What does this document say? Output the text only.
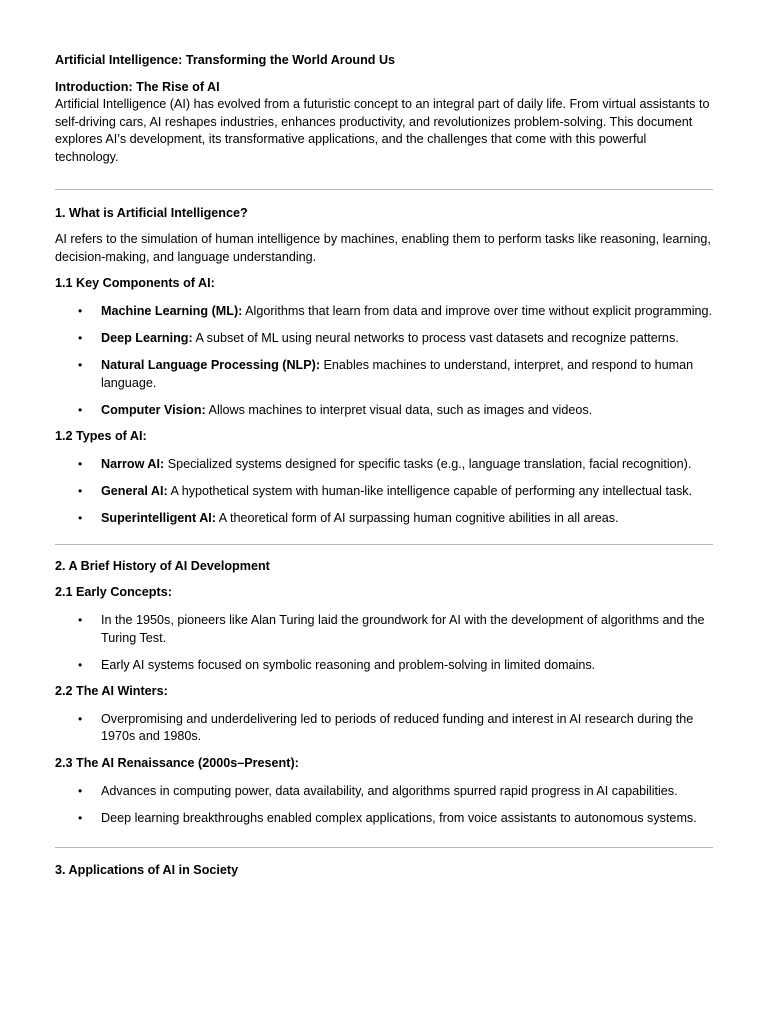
Artificial Intelligence: Transforming the World Around Us
Introduction: The Rise of AI
Artificial Intelligence (AI) has evolved from a futuristic concept to an integral part of daily life. From virtual assistants to self-driving cars, AI reshapes industries, enhances productivity, and revolutionizes problem-solving. This document explores AI’s development, its transformative applications, and the challenges that come with this powerful technology.
1. What is Artificial Intelligence?
AI refers to the simulation of human intelligence by machines, enabling them to perform tasks like reasoning, learning, decision-making, and language understanding.
1.1 Key Components of AI:
• Machine Learning (ML): Algorithms that learn from data and improve over time without explicit programming.
• Deep Learning: A subset of ML using neural networks to process vast datasets and recognize patterns.
• Natural Language Processing (NLP): Enables machines to understand, interpret, and respond to human language.
• Computer Vision: Allows machines to interpret visual data, such as images and videos.
1.2 Types of AI:
• Narrow AI: Specialized systems designed for specific tasks (e.g., language translation, facial recognition).
• General AI: A hypothetical system with human-like intelligence capable of performing any intellectual task.
• Superintelligent AI: A theoretical form of AI surpassing human cognitive abilities in all areas.
2. A Brief History of AI Development
2.1 Early Concepts:
• In the 1950s, pioneers like Alan Turing laid the groundwork for AI with the development of algorithms and the Turing Test.
• Early AI systems focused on symbolic reasoning and problem-solving in limited domains.
2.2 The AI Winters:
• Overpromising and underdelivering led to periods of reduced funding and interest in AI research during the 1970s and 1980s.
2.3 The AI Renaissance (2000s–Present):
• Advances in computing power, data availability, and algorithms spurred rapid progress in AI capabilities.
• Deep learning breakthroughs enabled complex applications, from voice assistants to autonomous systems.
3. Applications of AI in Society
